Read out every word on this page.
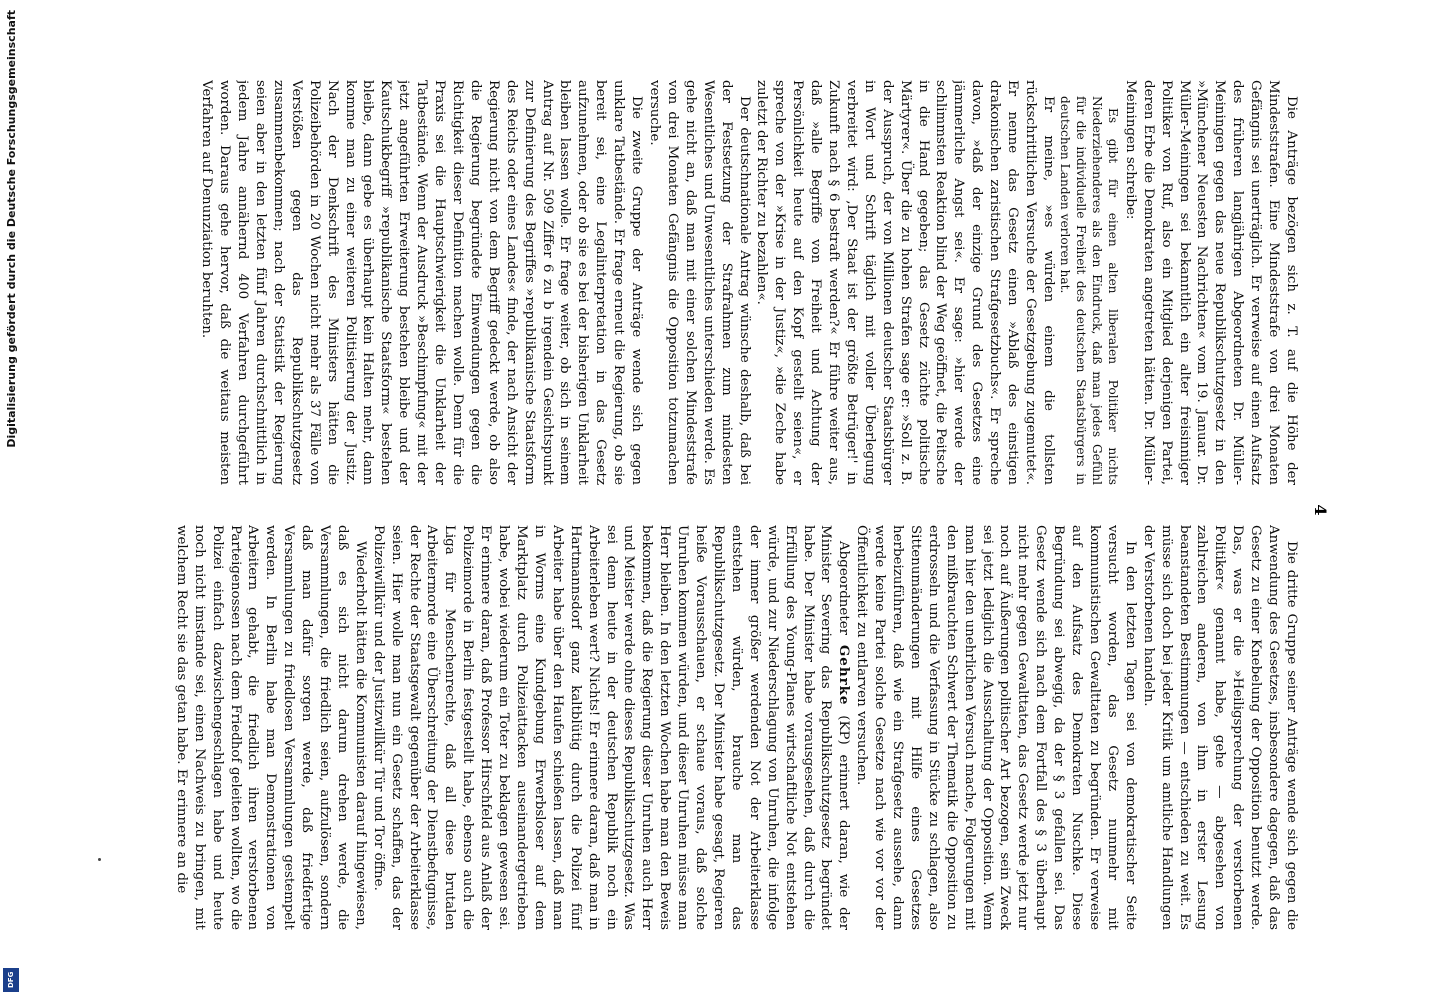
Digitalisierung gefördert durch die Deutsche Forschungsgemeinschaft
DFG
4

Die Anträge bezögen sich z. T. auf die Höhe der Mindeststrafen. Eine Mindeststrafe von drei Monaten Gefängnis sei unerträglich. Er verweise auf einen Aufsatz des früheren langjährigen Abgeordneten Dr. Müller-Meiningen gegen das neue Republikschutzgesetz in den »Münchener Neuesten Nachrichten« vom 19. Januar. Dr. Müller-Meiningen sei bekanntlich ein alter freisinniger Politiker von Ruf, also ein Mitglied derjenigen Partei, deren Erbe die Demokraten angetreten hätten. Dr. Müller-Meiningen schreibe:

Es gibt für einen alten liberalen Politiker nichts Niederziehenderes als den Eindruck, daß man jedes Gefühl für die individuelle Freiheit des deutschen Staatsbürgers in deutschen Landen verloren hat.

Er meine, »es würden einem die tollsten rückschrittlichen Versuche der Gesetzgebung zugemutet«. Er nenne das Gesetz einen »Ablaß des einstigen drakonischen zaristischen Strafgesetzbuchs«. Er spreche davon, »daß der einzige Grund des Gesetzes eine jämmerliche Angst sei«. Er sage: »hier werde der schlimmsten Reaktion blind der Weg geöffnet, die Peitsche in die Hand gegeben; das Gesetz züchte politische Märtyrer«. Über die zu hohen Strafen sage er: »Soll z. B. der Ausspruch, der von Millionen deutscher Staatsbürger in Wort und Schrift täglich mit voller Überlegung verbreitet wird: ,Der Staat ist der größte Betrüger!' in Zukunft nach § 6 bestraft werden?« Er führe weiter aus, daß »alle Begriffe von Freiheit und Achtung der Persönlichkeit heute auf den Kopf gestellt seien«, er spreche von der »Krise in der Justiz«, »die Zeche habe zuletzt der Richter zu bezahlen«.

Der deutschnationale Antrag wünsche deshalb, daß bei der Festsetzung der Strafrahmen zum mindesten Wesentliches und Unwesentliches unterschieden werde. Es gehe nicht an, daß man mit einer solchen Mindeststrafe von drei Monaten Gefängnis die Opposition totzumachen versuche.

Die zweite Gruppe der Anträge wende sich gegen unklare Tatbestände. Er frage erneut die Regierung, ob sie bereit sei, eine Legalinterpretation in das Gesetz aufzunehmen, oder ob sie es bei der bisherigen Unklarheit bleiben lassen wolle. Er frage weiter, ob sich in seinem Antrag auf Nr. 509 Ziffer 6 zu b irgendein Gesichtspunkt zur Definierung des Begriffes »republikanische Staatsform des Reichs oder eines Landes« finde, der nach Ansicht der Regierung nicht von dem Begriff gedeckt werde, ob also die Regierung begründete Einwendungen gegen die Richtigkeit dieser Definition machen wolle. Denn für die Praxis sei die Hauptschwierigkeit die Unklarheit der Tatbestände. Wenn der Ausdruck »Beschimpfung« mit der jetzt angeführten Erweiterung bestehen bleibe und der Kautschukbegriff »republikanische Staatsform« bestehen bleibe, dann gebe es überhaupt kein Halten mehr, dann komme man zu einer weiteren Politisierung der Justiz. Nach der Denkschrift des Ministers hätten die Polizeibehörden in 20 Wochen nicht mehr als 37 Fälle von Verstößen gegen das Republikschutzgesetz zusammenbekommen; nach der Statistik der Regierung seien aber in den letzten fünf Jahren durchschnittlich in jedem Jahre annähernd 400 Verfahren durchgeführt worden. Daraus gehe hervor, daß die weitaus meisten Verfahren auf Denunziation beruhten.

Die dritte Gruppe seiner Anträge wende sich gegen die Anwendung des Gesetzes, insbesondere dagegen, daß das Gesetz zu einer Knebelung der Opposition benutzt werde. Das, was er die »Heiligsprechung der verstorbenen Politiker« genannt habe, gehe — abgesehen von zahlreichen anderen, von ihm in erster Lesung beanstandeten Bestimmungen — entschieden zu weit. Es müsse sich doch bei jeder Kritik um amtliche Handlungen der Verstorbenen handeln.

In den letzten Tagen sei von demokratischer Seite versucht worden, das Gesetz nunmehr mit kommunistischen Gewalttaten zu begründen. Er verweise auf den Aufsatz des Demokraten Nuschke. Diese Begründung sei abwegig, da der § 3 gefallen sei. Das Gesetz wende sich nach dem Fortfall des § 3 überhaupt nicht mehr gegen Gewalttaten, das Gesetz werde jetzt nur noch auf Äußerungen politischer Art bezogen, sein Zweck sei jetzt lediglich die Ausschaltung der Opposition. Wenn man hier den unehrlichen Versuch mache, Folgerungen mit den mißbrauchten Schwert der Thematik die Opposition zu erdrosseln und die Verfassung in Stücke zu schlagen, also Sittenumänderungen mit Hilfe eines Gesetzes herbeizuführen, daß wie ein Strafgesetz aussehe, dann werde keine Partei solche Gesetze nach wie vor vor der Öffentlichkeit zu entlarven versuchen.

Abgeordneter Gehrke (KP) erinnert daran, wie der Minister Severing das Republikschutzgesetz begründet habe. Der Minister habe vorausgesehen, daß durch die Erfüllung des Young-Planes wirtschaftliche Not entstehen würde, und zur Niederschlagung von Unruhen, die infolge der immer größer werdenden Not der Arbeiterklasse entstehen würden, brauche man das Republikschutzgesetz. Der Minister habe gesagt, Regieren heiße Vorausschauen, er schaue voraus, daß solche Unruhen kommen würden, und dieser Unruhen müsse man Herr bleiben. In den letzten Wochen habe man den Beweis bekommen, daß die Regierung dieser Unruhen auch Herr und Meister werde ohne dieses Republikschutzgesetz. Was sei denn heute in der deutschen Republik noch ein Arbeiterleben wert? Nichts! Er erinnere daran, daß man in Hartmannsdorf ganz kaltblütig durch die Polizei fünf Arbeiter habe über den Haufen schießen lassen, daß man in Worms eine Kundgebung Erwerbsloser auf dem Marktplatz durch Polizeiattacken auseinandergetrieben habe, wobei wiederum ein Toter zu beklagen gewesen sei. Er erinnere daran, daß Professor Hirschfeld aus Anlaß der Polizeimorde in Berlin festgestellt habe, ebenso auch die Liga für Menschenrechte, daß all diese brutalen Arbeitermorde eine Überschreitung der Dienstbefugnisse, der Rechte der Staatsgewalt gegenüber der Arbeiterklasse seien. Hier wolle man nun ein Gesetz schaffen, das der Polizeiwillkür und der Justizwillkür Tür und Tor öffne.

Wiederholt hätten die Kommunisten darauf hingewiesen, daß es sich nicht darum drehen werde, die Versammlungen, die friedlich seien, aufzulösen, sondern daß man dafür sorgen werde, daß friedfertige Versammlungen zu friedlosen Versammlungen gestempelt werden. In Berlin habe man Demonstrationen von Arbeitern gehabt, die friedlich ihren verstorbenen Parteigenossen nach dem Friedhof geleiten wollten, wo die Polizei einfach dazwischengeschlagen habe und heute noch nicht imstande sei, einen Nachweis zu bringen, mit welchem Recht sie das getan habe. Er erinnere an die
